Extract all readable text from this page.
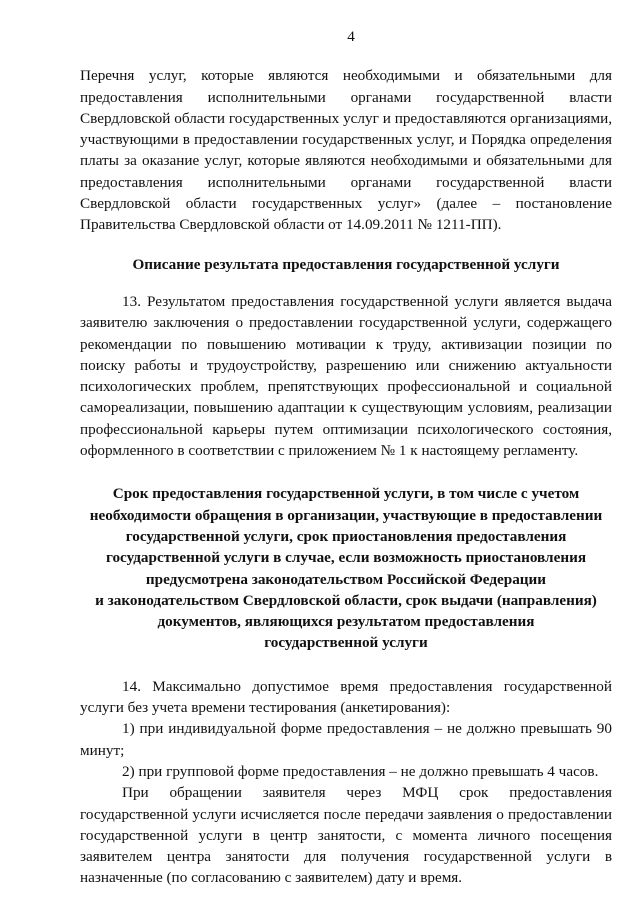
4

Перечня услуг, которые являются необходимыми и обязательными для предоставления исполнительными органами государственной власти Свердловской области государственных услуг и предоставляются организациями, участвующими в предоставлении государственных услуг, и Порядка определения платы за оказание услуг, которые являются необходимыми и обязательными для предоставления исполнительными органами государственной власти Свердловской области государственных услуг» (далее – постановление Правительства Свердловской области от 14.09.2011 № 1211-ПП).

Описание результата предоставления государственной услуги

13. Результатом предоставления государственной услуги является выдача заявителю заключения о предоставлении государственной услуги, содержащего рекомендации по повышению мотивации к труду, активизации позиции по поиску работы и трудоустройству, разрешению или снижению актуальности психологических проблем, препятствующих профессиональной и социальной самореализации, повышению адаптации к существующим условиям, реализации профессиональной карьеры путем оптимизации психологического состояния, оформленного в соответствии с приложением № 1 к настоящему регламенту.

Срок предоставления государственной услуги, в том числе с учетом
необходимости обращения в организации, участвующие в предоставлении
государственной услуги, срок приостановления предоставления
государственной услуги в случае, если возможность приостановления
предусмотрена законодательством Российской Федерации
и законодательством Свердловской области, срок выдачи (направления)
документов, являющихся результатом предоставления
государственной услуги

14. Максимально допустимое время предоставления государственной услуги без учета времени тестирования (анкетирования):

1) при индивидуальной форме предоставления – не должно превышать 90 минут;

2) при групповой форме предоставления – не должно превышать 4 часов.

При обращении заявителя через МФЦ срок предоставления государственной услуги исчисляется после передачи заявления о предоставлении государственной услуги в центр занятости, с момента личного посещения заявителем центра занятости для получения государственной услуги в назначенные (по согласованию с заявителем) дату и время.
